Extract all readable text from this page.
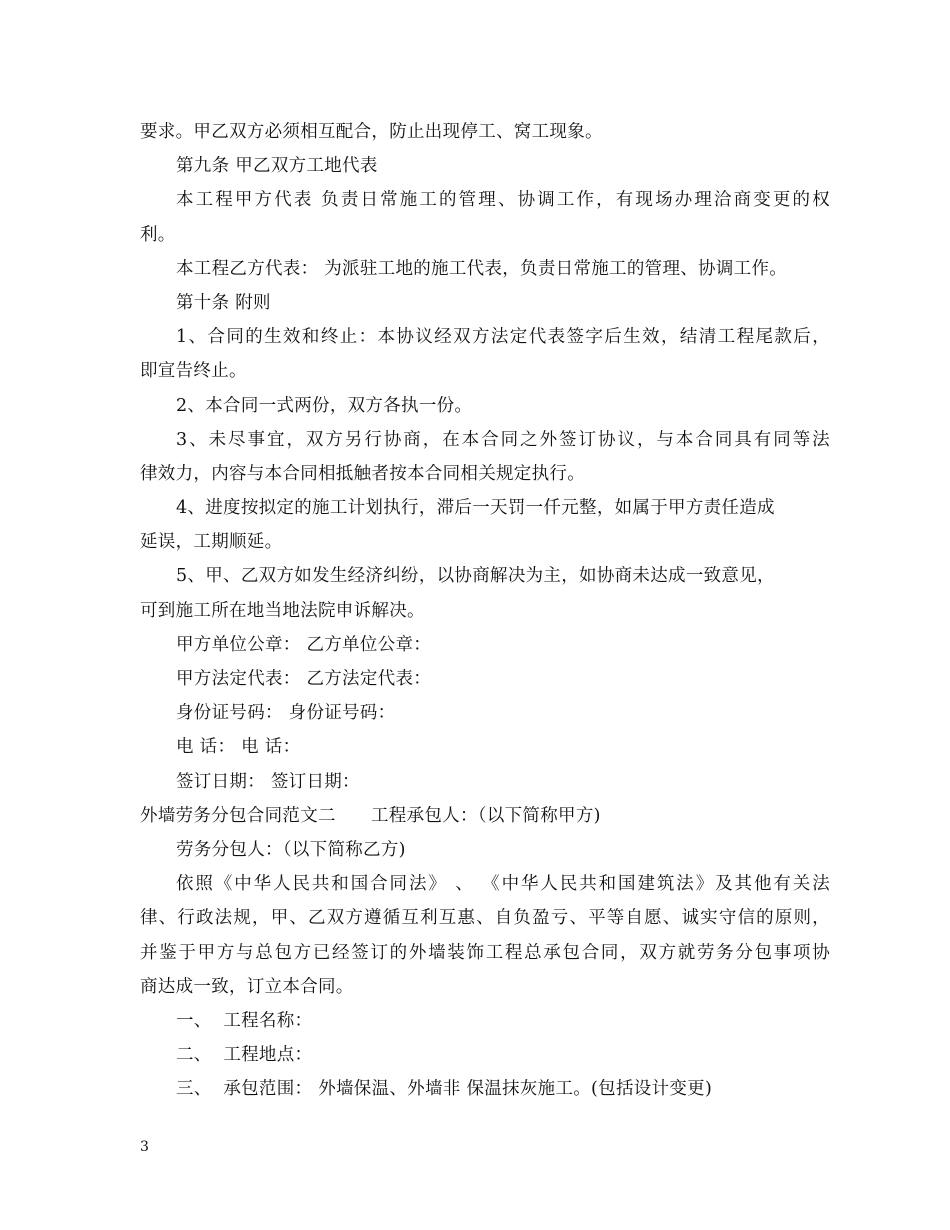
要求。甲乙双方必须相互配合，防止出现停工、窝工现象。
第九条 甲乙双方工地代表
本工程甲方代表 负责日常施工的管理、协调工作，有现场办理洽商变更的权
利。
本工程乙方代表： 为派驻工地的施工代表，负责日常施工的管理、协调工作。
第十条 附则
1、合同的生效和终止：本协议经双方法定代表签字后生效，结清工程尾款后，
即宣告终止。
2、本合同一式两份，双方各执一份。
3、未尽事宜，双方另行协商，在本合同之外签订协议，与本合同具有同等法
律效力，内容与本合同相抵触者按本合同相关规定执行。
4、进度按拟定的施工计划执行，滞后一天罚一仟元整，如属于甲方责任造成
延误，工期顺延。
5、甲、乙双方如发生经济纠纷，以协商解决为主，如协商未达成一致意见，
可到施工所在地当地法院申诉解决。
甲方单位公章： 乙方单位公章：
甲方法定代表： 乙方法定代表：
身份证号码： 身份证号码：
电 话： 电 话：
签订日期： 签订日期：
外墙劳务分包合同范文二      工程承包人：（以下简称甲方)
劳务分包人：（以下简称乙方)
依照《中华人民共和国合同法》 、 《中华人民共和国建筑法》及其他有关法
律、行政法规，甲、乙双方遵循互利互惠、自负盈亏、平等自愿、诚实守信的原则，
并鉴于甲方与总包方已经签订的外墙装饰工程总承包合同，双方就劳务分包事项协
商达成一致，订立本合同。
一、  工程名称：
二、  工程地点：
三、  承包范围： 外墙保温、外墙非 保温抹灰施工。(包括设计变更)
3
